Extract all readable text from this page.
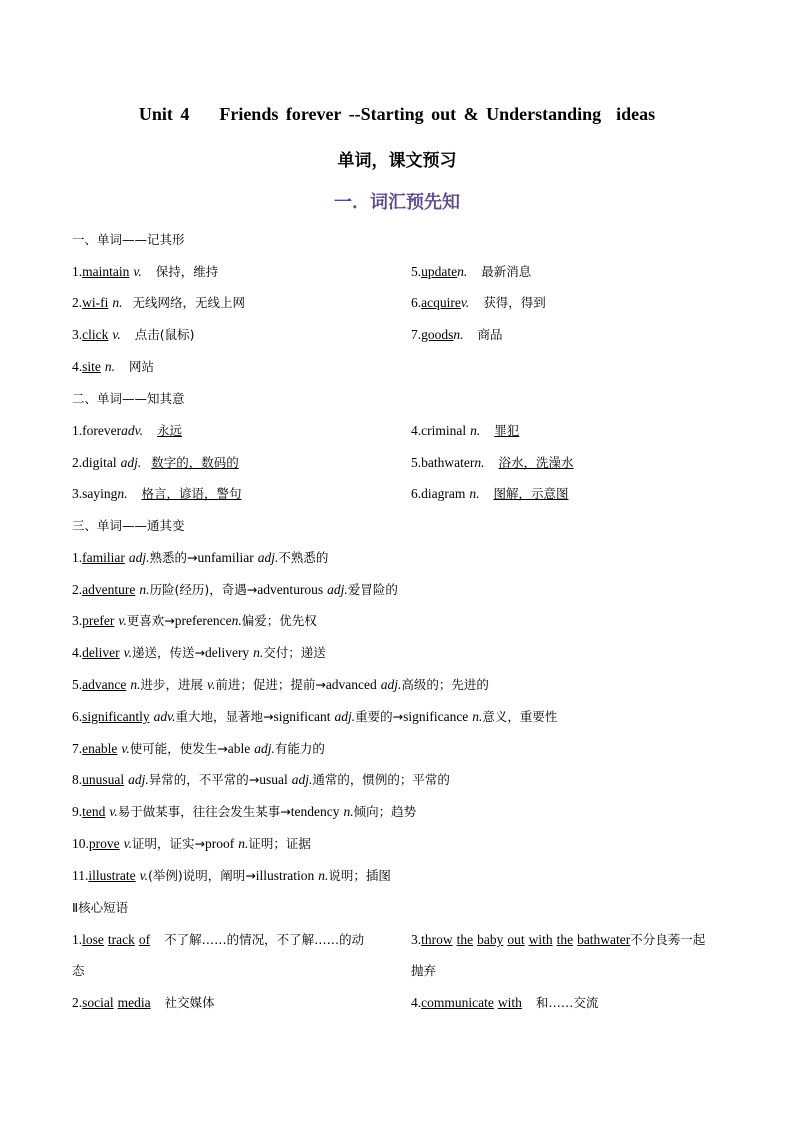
Unit 4    Friends forever --Starting out & Understanding  ideas
单词，课文预习
一．词汇预先知
一、单词——记其形
1.maintain v. 保持，维持
2.wi-fi n. 无线网络，无线上网
3.click v. 点击(鼠标)
4.site n. 网站
5.updaten. 最新消息
6.acquirev. 获得，得到
7.goodsn. 商品
二、单词——知其意
1.foreveradv. 永远
2.digital adj. 数字的，数码的
3.sayingn. 格言，谚语，警句
4.criminal n. 罪犯
5.bathwatern. 浴水，洗澡水
6.diagram n. 图解，示意图
三、单词——通其变
1.familiar adj.熟悉的→unfamiliar adj.不熟悉的
2.adventure n.历险(经历)，奇遇→adventurous adj.爱冒险的
3.prefer v.更喜欢→preferencen.偏爱；优先权
4.deliver v.递送，传送→delivery n.交付；递送
5.advance n.进步，进展 v.前进；促进；提前→advanced adj.高级的；先进的
6.significantly adv.重大地，显著地→significant adj.重要的→significance n.意义，重要性
7.enable v.使可能，使发生→able adj.有能力的
8.unusual adj.异常的，不平常的→usual adj.通常的，惯例的；平常的
9.tend v.易于做某事，往往会发生某事→tendency n.倾向；趋势
10.prove v.证明，证实→proof n.证明；证据
11.illustrate v.(举例)说明，阐明→illustration n.说明；插图
Ⅱ核心短语
1.lose track of 不了解……的情况，不了解……的动
态
2.social media 社交媒体
3.throw the baby out with the bathwater不分良莠一起
抛弃
4.communicate with 和……交流
